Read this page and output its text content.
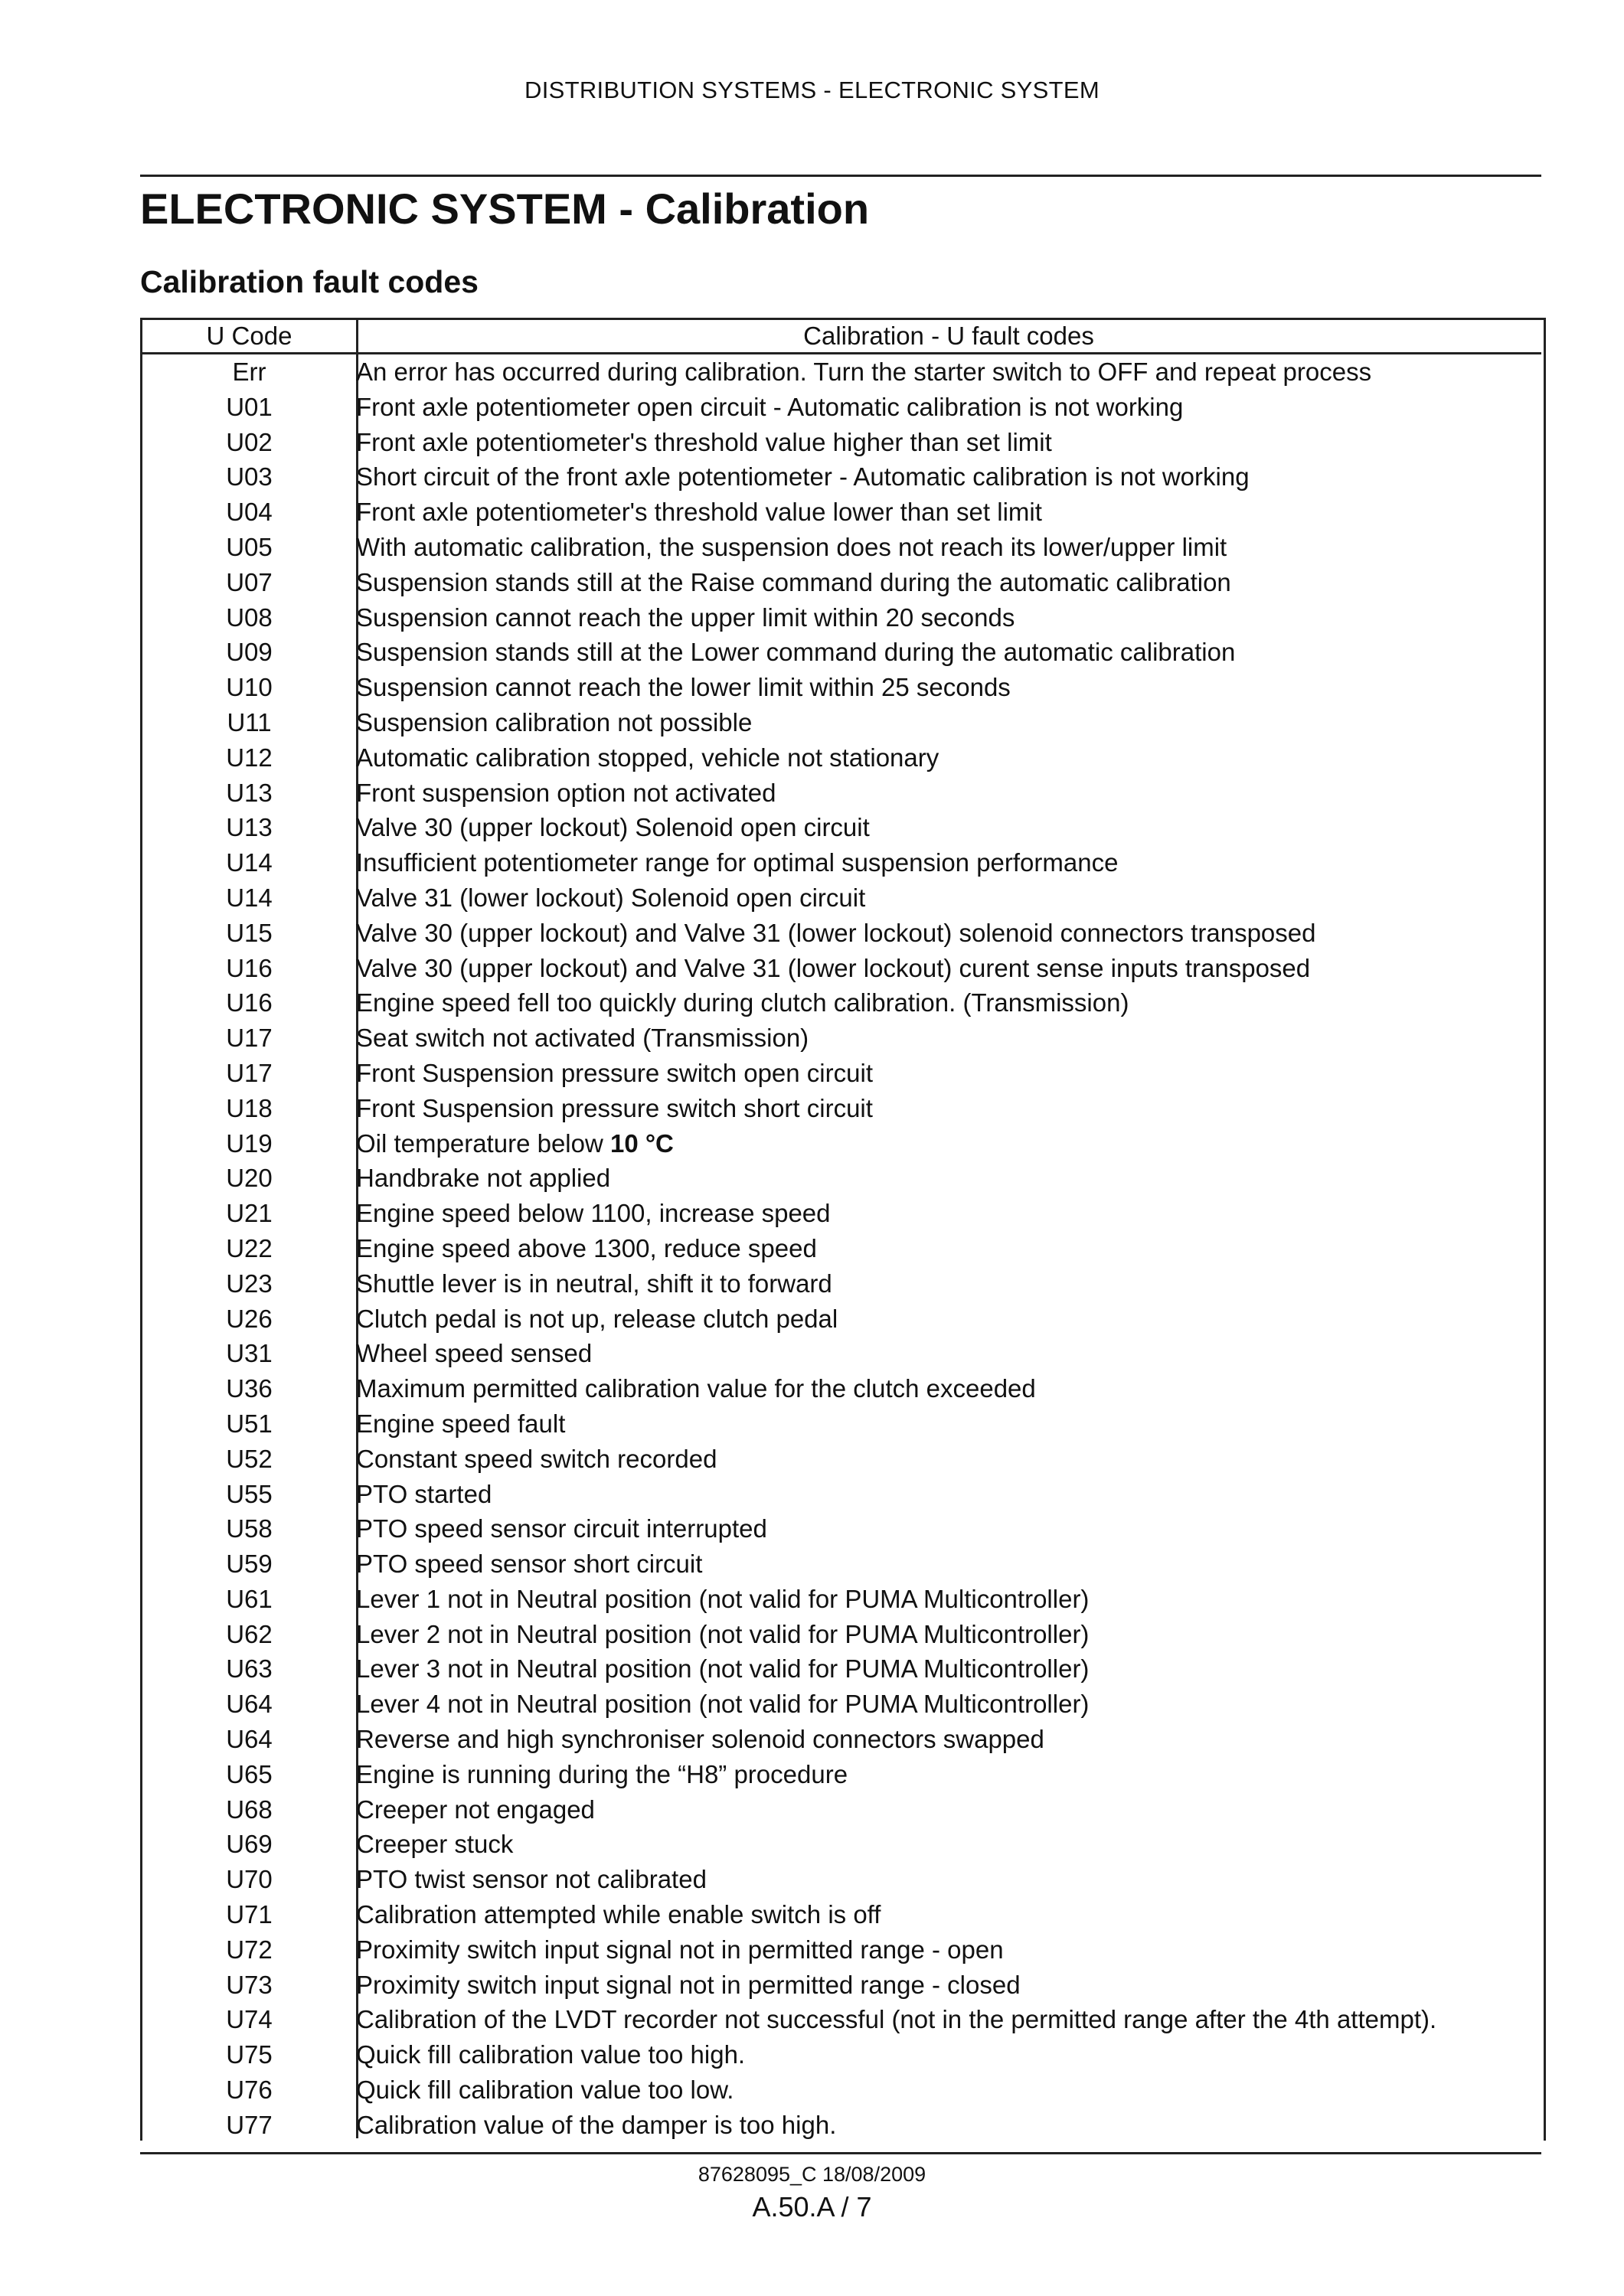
DISTRIBUTION SYSTEMS - ELECTRONIC SYSTEM
ELECTRONIC SYSTEM - Calibration
Calibration fault codes
U Code	Calibration - U fault codes
Err	An error has occurred during calibration. Turn the starter switch to OFF and repeat process
U01	Front axle potentiometer open circuit - Automatic calibration is not working
U02	Front axle potentiometer's threshold value higher than set limit
U03	Short circuit of the front axle potentiometer - Automatic calibration is not working
U04	Front axle potentiometer's threshold value lower than set limit
U05	With automatic calibration, the suspension does not reach its lower/upper limit
U07	Suspension stands still at the Raise command during the automatic calibration
U08	Suspension cannot reach the upper limit within 20 seconds
U09	Suspension stands still at the Lower command during the automatic calibration
U10	Suspension cannot reach the lower limit within 25 seconds
U11	Suspension calibration not possible
U12	Automatic calibration stopped, vehicle not stationary
U13	Front suspension option not activated
U13	Valve 30 (upper lockout) Solenoid open circuit
U14	Insufficient potentiometer range for optimal suspension performance
U14	Valve 31 (lower lockout) Solenoid open circuit
U15	Valve 30 (upper lockout) and Valve 31 (lower lockout) solenoid connectors transposed
U16	Valve 30 (upper lockout) and Valve 31 (lower lockout) curent sense inputs transposed
U16	Engine speed fell too quickly during clutch calibration. (Transmission)
U17	Seat switch not activated (Transmission)
U17	Front Suspension pressure switch open circuit
U18	Front Suspension pressure switch short circuit
U19	Oil temperature below 10 °C
U20	Handbrake not applied
U21	Engine speed below 1100, increase speed
U22	Engine speed above 1300, reduce speed
U23	Shuttle lever is in neutral, shift it to forward
U26	Clutch pedal is not up, release clutch pedal
U31	Wheel speed sensed
U36	Maximum permitted calibration value for the clutch exceeded
U51	Engine speed fault
U52	Constant speed switch recorded
U55	PTO started
U58	PTO speed sensor circuit interrupted
U59	PTO speed sensor short circuit
U61	Lever 1 not in Neutral position (not valid for PUMA Multicontroller)
U62	Lever 2 not in Neutral position (not valid for PUMA Multicontroller)
U63	Lever 3 not in Neutral position (not valid for PUMA Multicontroller)
U64	Lever 4 not in Neutral position (not valid for PUMA Multicontroller)
U64	Reverse and high synchroniser solenoid connectors swapped
U65	Engine is running during the “H8” procedure
U68	Creeper not engaged
U69	Creeper stuck
U70	PTO twist sensor not calibrated
U71	Calibration attempted while enable switch is off
U72	Proximity switch input signal not in permitted range - open
U73	Proximity switch input signal not in permitted range - closed
U74	Calibration of the LVDT recorder not successful (not in the permitted range after the 4th attempt).
U75	Quick fill calibration value too high.
U76	Quick fill calibration value too low.
U77	Calibration value of the damper is too high.
87628095_C 18/08/2009
A.50.A / 7
